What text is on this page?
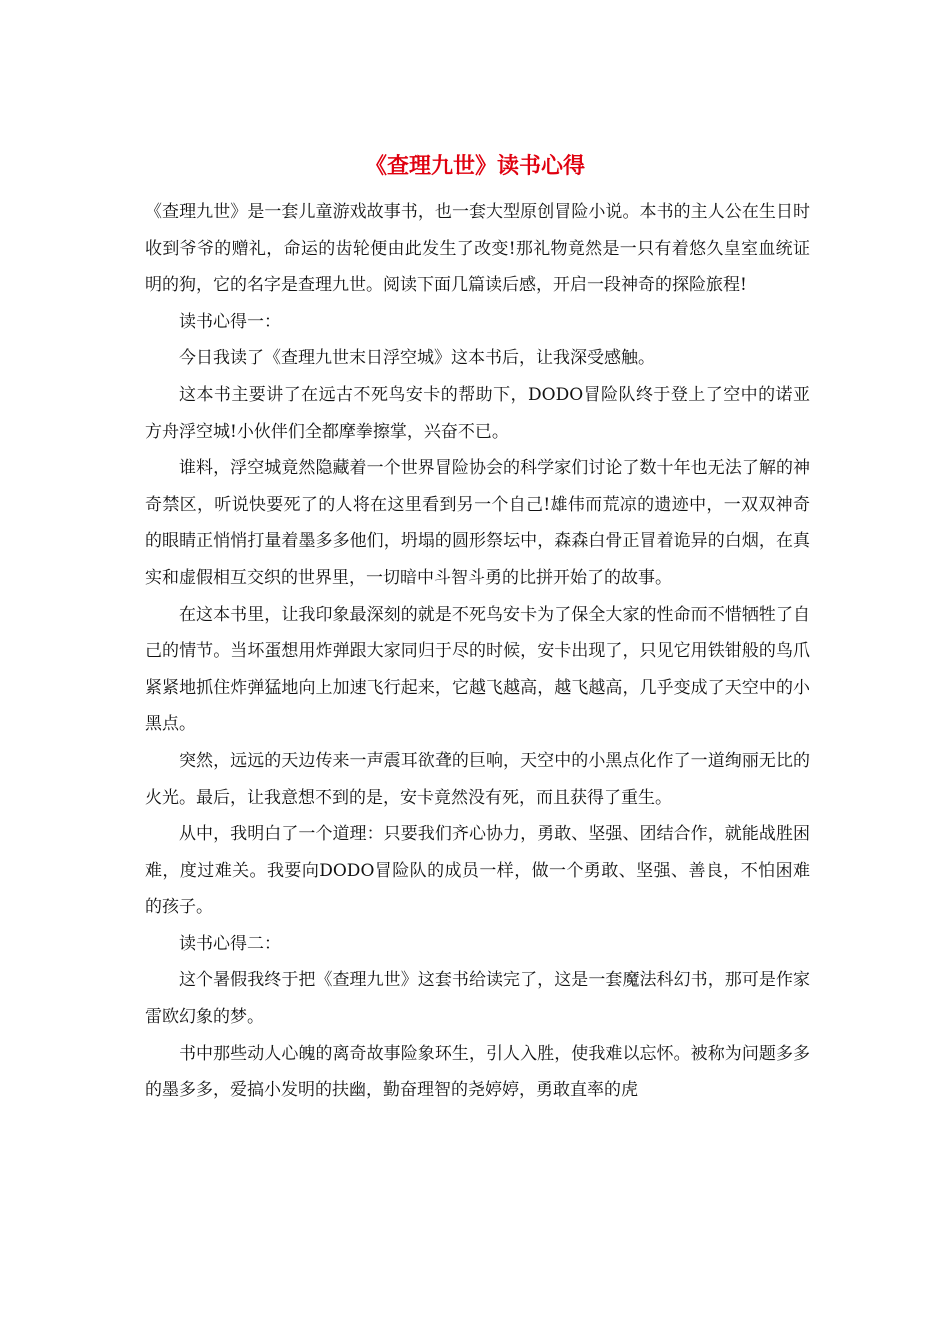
《查理九世》读书心得

《查理九世》是一套儿童游戏故事书，也一套大型原创冒险小说。本书的主人公在生日时收到爷爷的赠礼，命运的齿轮便由此发生了改变!那礼物竟然是一只有着悠久皇室血统证明的狗，它的名字是查理九世。阅读下面几篇读后感，开启一段神奇的探险旅程!

读书心得一：

今日我读了《查理九世末日浮空城》这本书后，让我深受感触。

这本书主要讲了在远古不死鸟安卡的帮助下，DODO冒险队终于登上了空中的诺亚方舟浮空城!小伙伴们全都摩拳擦掌，兴奋不已。

谁料，浮空城竟然隐藏着一个世界冒险协会的科学家们讨论了数十年也无法了解的神奇禁区，听说快要死了的人将在这里看到另一个自己!雄伟而荒凉的遗迹中，一双双神奇的眼睛正悄悄打量着墨多多他们，坍塌的圆形祭坛中，森森白骨正冒着诡异的白烟，在真实和虚假相互交织的世界里，一切暗中斗智斗勇的比拼开始了的故事。

在这本书里，让我印象最深刻的就是不死鸟安卡为了保全大家的性命而不惜牺牲了自己的情节。当坏蛋想用炸弹跟大家同归于尽的时候，安卡出现了，只见它用铁钳般的鸟爪紧紧地抓住炸弹猛地向上加速飞行起来，它越飞越高，越飞越高，几乎变成了天空中的小黑点。

突然，远远的天边传来一声震耳欲聋的巨响，天空中的小黑点化作了一道绚丽无比的火光。最后，让我意想不到的是，安卡竟然没有死，而且获得了重生。

从中，我明白了一个道理：只要我们齐心协力，勇敢、坚强、团结合作，就能战胜困难，度过难关。我要向DODO冒险队的成员一样，做一个勇敢、坚强、善良，不怕困难的孩子。

读书心得二：

这个暑假我终于把《查理九世》这套书给读完了，这是一套魔法科幻书，那可是作家雷欧幻象的梦。

书中那些动人心魄的离奇故事险象环生，引人入胜，使我难以忘怀。被称为问题多多的墨多多，爱搞小发明的扶幽，勤奋理智的尧婷婷，勇敢直率的虎
